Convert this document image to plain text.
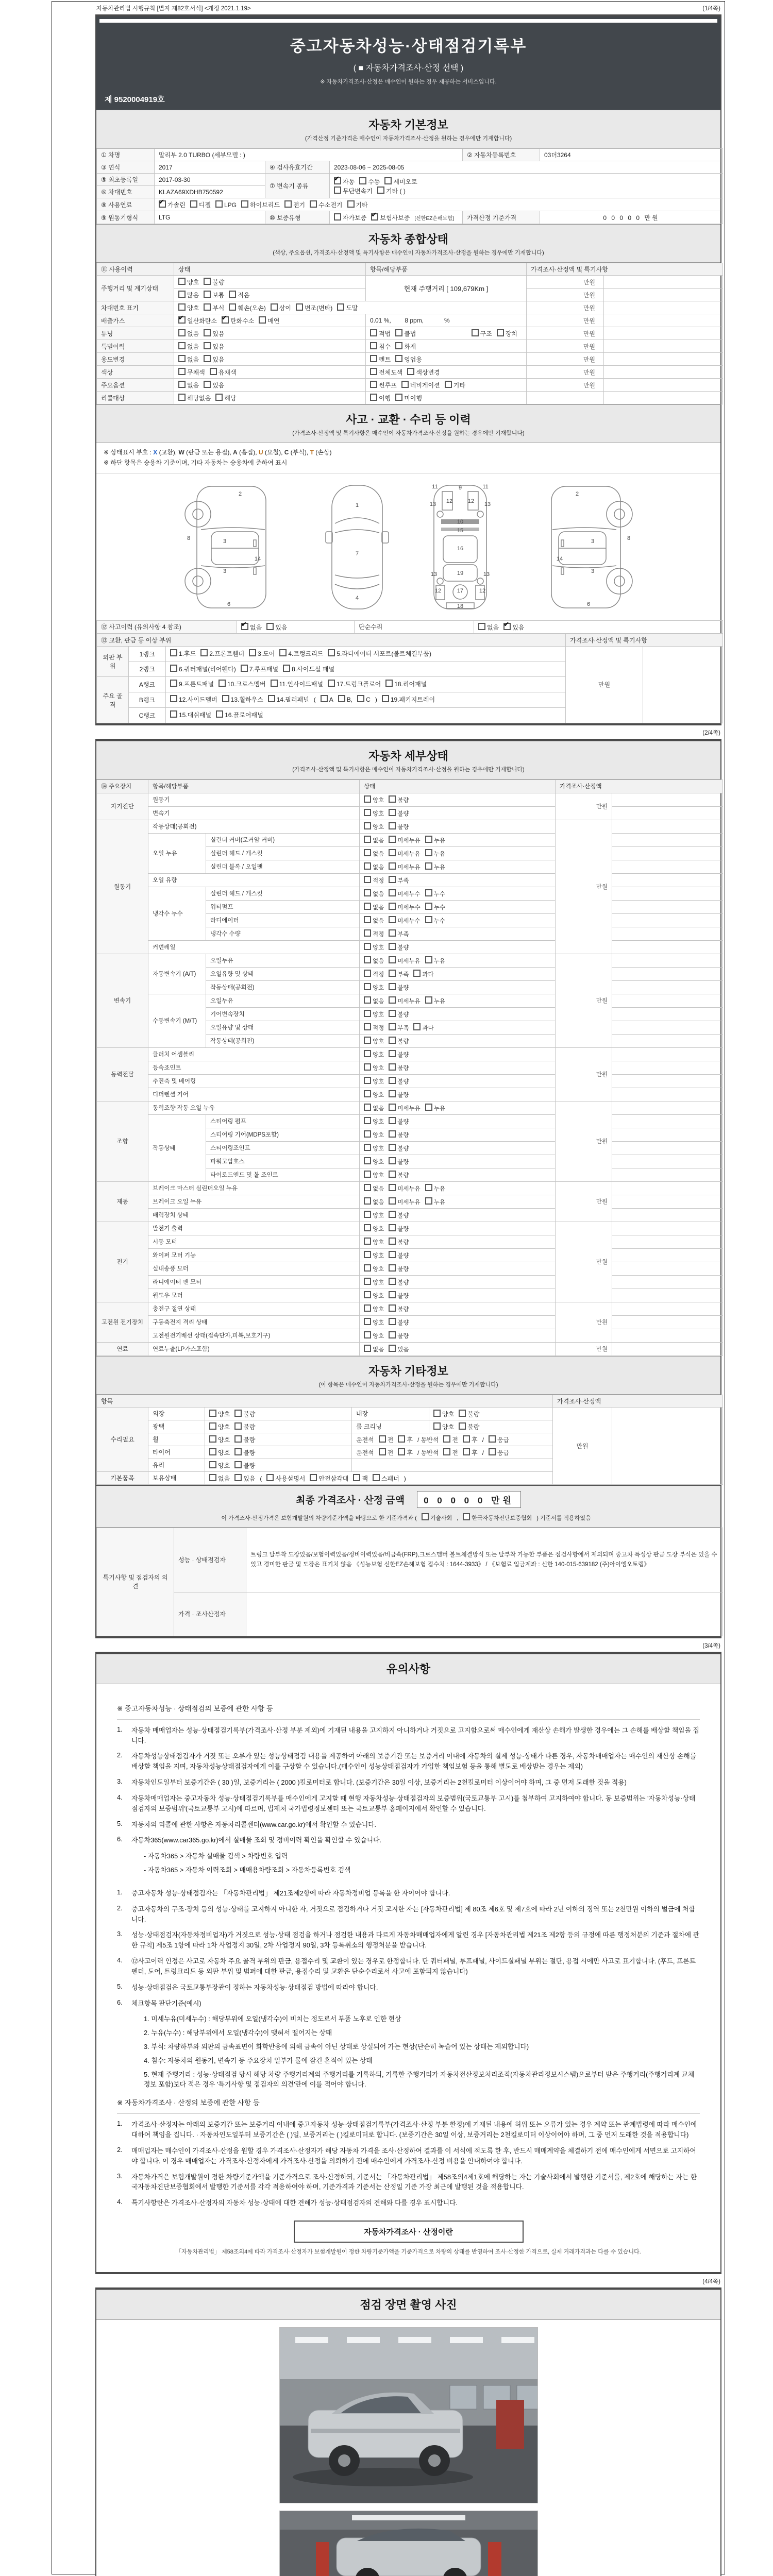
자동차관리법 시행규칙 [별지 제82호서식] <개정 2021.1.19>	(1/4쪽)
중고자동차성능·상태점검기록부
( ■ 자동차가격조사·산정 선택 )
※ 자동차가격조사·산정은 매수인이 원하는 경우 제공하는 서비스입니다.
제 9520004919호
자동차 기본정보
(가격산정 기준가격은 매수인이 자동차가격조사·산정을 원하는 경우에만 기재합니다)
① 차명	말리부 2.0 TURBO (세부모델 : )			② 자동차등록번호	03더3264
③ 연식	2017	④ 검사유효기간	2023-08-06 ~ 2025-08-05		
⑤ 최초등록일	2017-03-30	⑦ 변속기 종류	
✔자동 수동 세미오토
무단변속기 기타 ( )

⑥ 차대번호	KLAZA69XDHB750592				
⑧ 사용연료	✔가솔린 디젤 LPG 하이브리드 전기 수소전기 기타
⑨ 원동기형식	LTG	⑩ 보증유형	자가보증 ✔ 보험사보증 [신한EZ손해보험]	가격산정 기준가격	0 0 0 0 0 만원
자동차 종합상태
(색상, 주요옵션, 가격조사·산정액 및 특기사항은 매수인이 자동차가격조사·산정을 원하는 경우에만 기재합니다)
⑪ 사용이력	상태	항목/해당부품	가격조사·산정액 및 특기사항	
주행거리 및 계기상태	양호 불량	현재 주행거리 [ 109,679Km ]	만원	
	많음 보통 적음		만원	
차대번호 표기	양호 부식 훼손(오손) 상이 변조(변타) 도말		만원	
배출가스	✔일산화탄소 ✔ 탄화수소 매연	0.01 %,        8 ppm,            %	만원	
튜닝	없음 있음	적법 불법 구조 장치	만원	
특별이력	없음 있음	침수 화재	만원	
용도변경	없음 있음	렌트 영업용	만원	
색상	무채색 유채색	전체도색 색상변경	만원	
주요옵션	없음 있음	썬루프 네비게이션 기타	만원	
리콜대상	해당없음 해당	이행 미이행		
사고 · 교환 · 수리 등 이력
(가격조사·산정액 및 특기사항은 매수인이 자동차가격조사·산정을 원하는 경우에만 기재합니다)
※ 상태표시 부호 : X (교환), W (판금 또는 용접), A (흠집), U (요철), C (부식), T (손상)
※ 하단 항목은 승용차 기준이며, 기타 자동차는 승용차에 준하여 표시
2
8	3
14
3
6
1
7
4
11	9	11
12	12
13	13
10
15
16
13	19	13
12	17	12
18
2
8
3
14
3
6
⑫ 사고이력 (유의사항 4 참조)	✔없음 있음	단순수리	없음 ✔ 있음
⑬ 교환, 판금 등 이상 부위			가격조사·산정액 및 특기사항	
외판 부위	1랭크	1.후드 2.프론트휀더 3.도어 4.트렁크리드 5.라디에이터 서포트(볼트체결부품)	만원	
	2랭크	6.쿼터패널(리어휀다) 7.루프패널 8.사이드실 패널		
주요 골격	A랭크	9.프론트패널 10.크로스멤버 11.인사이드패널 17.트렁크플로어 18.리어패널		
	B랭크	12.사이드멤버 13.휠하우스 14.필러패널 ( A B, C ) 19.패키지트레이		
	C랭크	15.대쉬패널 16.플로어패널		
(2/4쪽)
자동차 세부상태
(가격조사·산정액 및 특기사항은 매수인이 자동차가격조사·산정을 원하는 경우에만 기재합니다)
⑭ 주요장치	항목/해당부품		상태	가격조사·산정액	
자기진단	원동기		양호 불량	만원	
	변속기		양호 불량		
원동기	작동상태(공회전)		양호 불량	만원	
	오일 누유	실린더 커버(로커암 커버)	없음 미세누유 누유		
		실린더 헤드 / 개스킷	없음 미세누유 누유		
		실린더 블록 / 오일팬	없음 미세누유 누유		
	오일 유량		적정 부족		
	냉각수 누수	실린더 헤드 / 개스킷	없음 미세누수 누수		
		워터펌프	없음 미세누수 누수		
		라디에이터	없음 미세누수 누수		
		냉각수 수량	적정 부족		
	커먼레일		양호 불량		
변속기	자동변속기 (A/T)	오일누유	없음 미세누유 누유	만원	
		오일유량 및 상태	적정 부족 과다		
		작동상태(공회전)	양호 불량		
	수동변속기 (M/T)	오일누유	없음 미세누유 누유		
		기어변속장치	양호 불량		
		오일유량 및 상태	적정 부족 과다		
		작동상태(공회전)	양호 불량		
동력전달	클러치 어셈블리		양호 불량	만원	
	등속죠인트		양호 불량		
	추진축 및 베어링		양호 불량		
	디퍼렌셜 기어		양호 불량		
조향	동력조향 작동 오일 누유		없음 미세누유 누유	만원	
	작동상태	스티어링 펌프	양호 불량		
		스티어링 기어(MDPS포함)	양호 불량		
		스티어링조인트	양호 불량		
		파워고압호스	양호 불량		
		타이로드엔드 및 볼 조인트	양호 불량		
제동	브레이크 마스터 실린더오일 누유		없음 미세누유 누유	만원	
	브레이크 오일 누유		없음 미세누유 누유		
	배력장치 상태		양호 불량		
전기	발전기 출력		양호 불량	만원	
	시동 모터		양호 불량		
	와이퍼 모터 기능		양호 불량		
	실내송풍 모터		양호 불량		
	라디에이터 팬 모터		양호 불량		
	윈도우 모터		양호 불량		
고전원 전기장치	충전구 절연 상태		양호 불량	만원	
	구동축전지 격리 상태		양호 불량		
	고전원전기배선 상태(접속단자,피복,보호기구)		양호 불량		
연료	연료누출(LP가스포함)		없음 있음	만원	
자동차 기타정보
(이 항목은 매수인이 자동차가격조사·산정을 원하는 경우에만 기재합니다)
항목					가격조사·산정액	
수리필요	외장	양호 불량	내장	양호 불량	만원	
	광택	양호 불량	룸 크리닝	양호 불량		
	휠	양호 불량	운전석 전 후 / 동반석 전 후 / 응급			
	타이어	양호 불량	운전석 전 후 / 동반석 전 후 / 응급			
	유리	양호 불량				
기본품목	보유상태	없음 있음 ( 사용설명서 안전삼각대 잭 스패너 )				
최종 가격조사 · 산정 금액 0 0 0 0 0 만원
이 가격조사·산정가격은 보험개발원의 차량기준가액을 바탕으로 한 기준가격과 ( 기술사회 , 한국자동차진단보증협회 ) 기준서를 적용하였음
특기사항 및 점검자의 의견	성능 · 상태점검자	트렁크 탈부착 도장있음/보험이력있음/정비이력있음/비금속(FRP),크로스멤버 볼트체결방식 또는 탈부착 가능한 부품은 점검사항에서 제외되며 중고차 특성상 판금 도장 부식은 있을 수 있고 경미한 판금 및 도장은 표기치 않음 《성능보험 신한EZ손해보험 접수처 : 1644-3933》 / 《보험료 입금계좌 : 신한 140-015-639182 (주)아이엠오토랩》
	가격 · 조사산정자	
(3/4쪽)
유의사항
※ 중고자동차성능 · 상태점검의 보증에 관한 사항 등
1.	자동차 매매업자는 성능·상태점검기록부(가격조사·산정 부분 제외)에 기재된 내용을 고지하지 아니하거나 거짓으로 고지함으로써 매수인에게 재산상 손해가 발생한 경우에는 그 손해를 배상할 책임을 집니다.
2.	자동차성능상태점검자가 거짓 또는 오류가 있는 성능상태점검 내용을 제공하여 아래의 보증기간 또는 보증거리 이내에 자동차의 실제 성능·상태가 다른 경우, 자동차매매업자는 매수인의 재산상 손해를 배상할 책임을 지며, 자동차성능상태점검자에게 이를 구상할 수 있습니다.(매수인이 성능상태점검자가 가입한 책임보험 등을 통해 별도로 배상받는 경우는 제외)
3.	자동차인도일부터 보증기간은 ( 30 )일, 보증거리는 ( 2000 )킬로미터로 합니다. (보증기간은 30일 이상, 보증거리는 2천킬로미터 이상이어야 하며, 그 중 먼저 도래한 것을 적용)
4.	자동차매매업자는 중고자동차 성능·상태점검기록부를 매수인에게 고지할 때 현행 자동차성능·상태점검자의 보증범위(국토교통부 고시)를 첨부하여 고지하여야 합니다. 동 보증범위는 '자동차성능·상태점검자의 보증범위'(국토교통부 고시)에 따르며, 법제처 국가법령정보센터 또는 국토교통부 홈페이지에서 확인할 수 있습니다.
5.	자동차의 리콜에 관한 사항은 자동차리콜센터(www.car.go.kr)에서 확인할 수 있습니다.
6.	자동차365(www.car365.go.kr)에서 실매물 조회 및 정비이력 확인을 확인할 수 있습니다.
- 자동차365 > 자동차 실매물 검색 > 차량번호 입력
- 자동차365 > 자동차 이력조회 > 매매용차량조회 > 자동차등록번호 검색
1.	중고자동차 성능·상태점검자는 「자동차관리법」 제21조제2항에 따라 자동차정비업 등록을 한 자이어야 합니다.
2.	중고자동차의 구조·장치 등의 성능·상태를 고지하지 아니한 자, 거짓으로 점검하거나 거짓 고지한 자는 [자동차관리법] 제 80조 제6호 및 제7호에 따라 2년 이하의 징역 또는 2천만원 이하의 벌금에 처합니다.
3.	성능·상태점검자(자동차정비업자)가 거짓으로 성능·상태 점검을 하거나 점검한 내용과 다르게 자동차매매업자에게 알린 경우 [자동차관리법 제21조 제2항 등의 규정에 따른 행정처분의 기준과 절차에 관한 규칙] 제5조 1항에 따라 1차 사업정지 30일, 2차 사업정지 90일, 3차 등록취소의 행정처분을 받습니다.
4.	⑫사고이력 인정은 사고로 자동차 주요 골격 부위의 판금, 용접수리 및 교환이 있는 경우로 한정합니다. 단 쿼터패널, 루프패널, 사이드실패널 부위는 절단, 용접 시에만 사고로 표기합니다. (후드, 프론트펜더, 도어, 트렁크리드 등 외판 부위 및 범퍼에 대한 판금, 용접수리 및 교환은 단순수리로서 사고에 포함되지 않습니다)
5.	성능·상태점검은 국토교통부장관이 정하는 자동차성능·상태점검 방법에 따라야 합니다.
6.	체크항목 판단기준(예시)
1. 미세누유(미세누수) : 해당부위에 오일(냉각수)이 비치는 정도로서 부품 노후로 인한 현상
2. 누유(누수) : 해당부위에서 오일(냉각수)이 맺혀서 떨어지는 상태
3. 부식: 차량하부와 외판의 금속표면이 화학반응에 의해 금속이 아닌 상태로 상실되어 가는 현상(단순히 녹슬어 있는 상태는 제외합니다)
4. 침수: 자동차의 원동기, 변속기 등 주요장치 일부가 물에 잠긴 흔적이 있는 상태
5. 현재 주행거리 : 성능·상태점검 당시 해당 차량 주행거리계의 주행거리를 기록하되, 기록한 주행거리가 자동차전산정보처리조직(자동차관리정보시스템)으로부터 받은 주행거리(주행거리계 교체 정보 포함)보다 적은 경우 '특기사항 및 점검자의 의견'란에 이를 적어야 합니다.
※ 자동차가격조사 · 산정의 보증에 관한 사항 등
1.	가격조사·산정자는 아래의 보증기간 또는 보증거리 이내에 중고자동차 성능·상태점검기록부(가격조사·산정 부분 한정)에 기재된 내용에 허위 또는 오류가 있는 경우 계약 또는 관계법령에 따라 매수인에 대하여 책임을 집니다. · 자동차인도일부터 보증기간은 ( )일, 보증거리는 ( )킬로미터로 합니다. (보증기간은 30일 이상, 보증거리는 2천킬로미터 이상이어야 하며, 그 중 먼저 도래한 것을 적용합니다)
2.	매매업자는 매수인이 가격조사·산정을 원할 경우 가격조사·산정자가 해당 자동차 가격을 조사·산정하여 결과를 이 서식에 적도록 한 후, 반드시 매매계약을 체결하기 전에 매수인에게 서면으로 고지하여야 합니다. 이 경우 매매업자는 가격조사·산정자에게 가격조사·산정을 의뢰하기 전에 매수인에게 가격조사·산정 비용을 안내하여야 합니다.
3.	자동차가격은 보험개발원이 정한 차량기준가액을 기준가격으로 조사·산정하되, 기준서는 「자동차관리법」 제58조의4제1호에 해당하는 자는 기술사회에서 발행한 기준서를, 제2호에 해당하는 자는 한국자동차진단보증협회에서 발행한 기준서를 각각 적용하여야 하며, 기준가격과 기준서는 산정일 기준 가장 최근에 발행된 것을 적용합니다.
4.	특기사항란은 가격조사·산정자의 자동차 성능·상태에 대한 견해가 성능·상태점검자의 견해와 다를 경우 표시합니다.
자동차가격조사 · 산정이란
「자동차관리법」 제58조의4에 따라 가격조사·산정자가 보험개발원이 정한 차량기준가액을 기준가격으로 차량의 상태를 반영하여 조사·산정한 가격으로, 실제 거래가격과는 다를 수 있습니다.
(4/4쪽)
점검 장면 촬영 사진
